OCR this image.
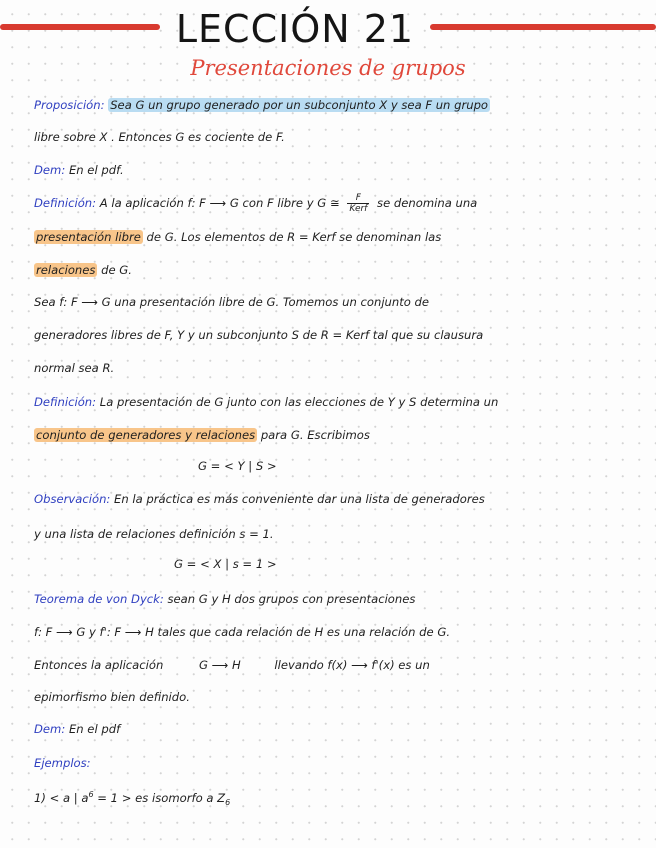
LECCIÓN 21
Presentaciones de grupos
Proposición: Sea G un grupo generado por un subconjunto X y sea F un grupo
libre sobre X . Entonces G es cociente de F.
Dem: En el pdf.
Definición: A la aplicación f: F ⟶ G con F libre y G ≅ $\frac{F}{\text{Kerf}}$ se denomina una
presentación libre de G. Los elementos de R = Kerf se denominan las
relaciones de G.
Sea f: F ⟶ G una presentación libre de G. Tomemos un conjunto de
generadores libres de F, Y y un subconjunto S de R = Kerf tal que su clausura
normal sea R.
Definición: La presentación de G junto con las elecciones de Y y S determina un
conjunto de generadores y relaciones para G. Escribimos
G = < Y | S >
Observación: En la práctica es más conveniente dar una lista de generadores
y una lista de relaciones definición s = 1.
G = < X | s = 1 >
Teorema de von Dyck: sean G y H dos grupos con presentaciones
f: F ⟶ G y f': F ⟶ H tales que cada relación de H es una relación de G.
Entonces la aplicación	G ⟶ H	llevando f(x) ⟶ f'(x) es un
epimorfismo bien definido.
Dem: En el pdf
Ejemplos:
1) < a | $a^6 = 1$ > es isomorfo a $Z_6$
